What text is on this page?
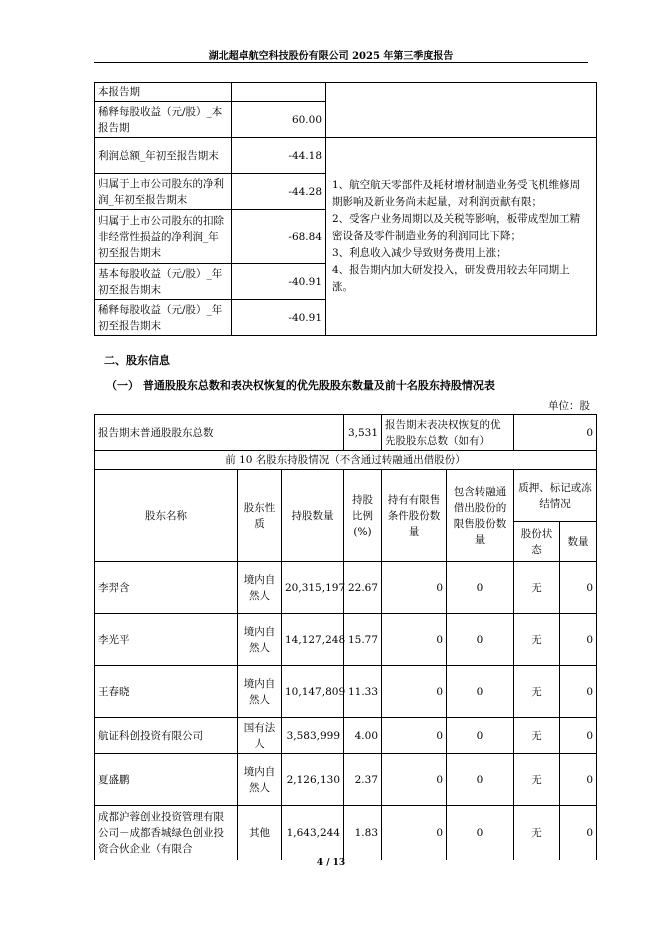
湖北超卓航空科技股份有限公司 2025 年第三季度报告
本报告期		
稀释每股收益（元/股）_本报告期	60.00	
利润总额_年初至报告期末	-44.18	1、航空航天零部件及耗材增材制造业务受飞机维修周期影响及新业务尚未起量，对利润贡献有限；
2、受客户业务周期以及关税等影响，板带成型加工精密设备及零件制造业务的利润同比下降；
3、利息收入减少导致财务费用上涨；
4、报告期内加大研发投入，研发费用较去年同期上涨。

归属于上市公司股东的净利润_年初至报告期末	-44.28	
归属于上市公司股东的扣除非经常性损益的净利润_年初至报告期末	-68.84	
基本每股收益（元/股）_年初至报告期末	-40.91	
稀释每股收益（元/股）_年初至报告期末	-40.91	
二、股东信息
（一） 普通股股东总数和表决权恢复的优先股股东数量及前十名股东持股情况表
单位：股
报告期末普通股股东总数			3,531	报告期末表决权恢复的优先股股东总数（如有）		0	
前 10 名股东持股情况（不含通过转融通出借股份）							
股东名称	股东性质	持股数量	持股比例(%)	持有有限售条件股份数量	包含转融通借出股份的限售股份数量	质押、标记或冻结情况	
						股份状态	数量
李羿含	境内自然人	20,315,197	22.67	0	0	无	0
李光平	境内自然人	14,127,248	15.77	0	0	无	0
王春晓	境内自然人	10,147,809	11.33	0	0	无	0
航证科创投资有限公司	国有法人	3,583,999	4.00	0	0	无	0
夏盛鹏	境内自然人	2,126,130	2.37	0	0	无	0
成都沪蓉创业投资管理有限公司－成都香城绿色创业投资合伙企业（有限合	其他	1,643,244	1.83	0	0	无	0
4 / 13
